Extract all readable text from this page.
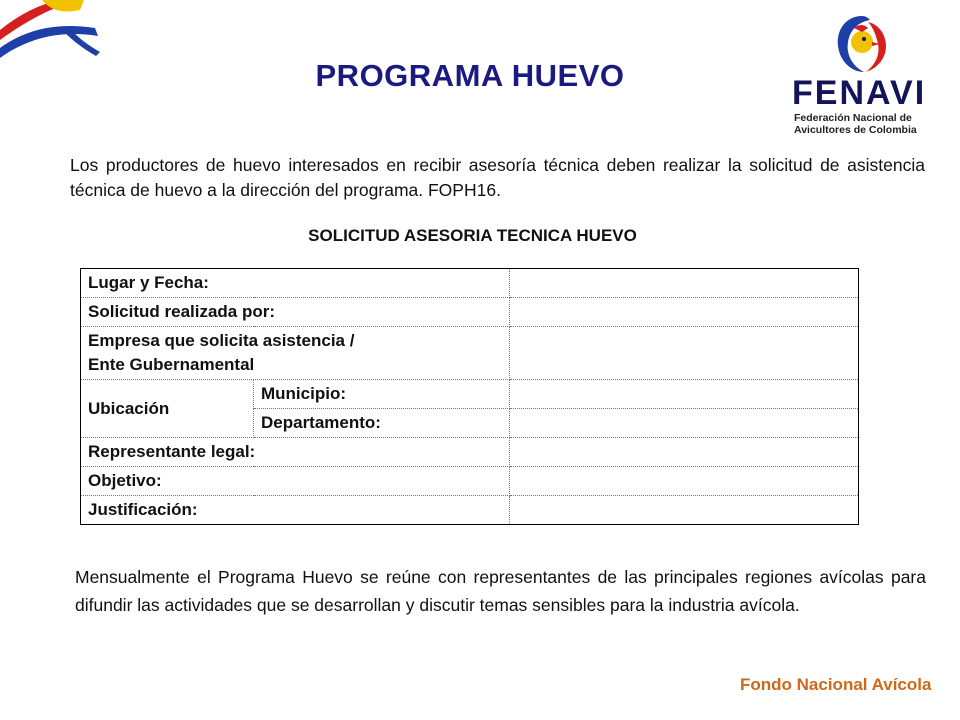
PROGRAMA HUEVO	FENAVI
Federación Nacional de
Avicultores de Colombia
Los productores de huevo interesados en recibir asesoría técnica deben realizar la solicitud de asistencia técnica de huevo a la dirección del programa. FOPH16.
SOLICITUD ASESORIA TECNICA HUEVO
Lugar y Fecha:		
Solicitud realizada por:		

Empresa que solicita asistencia /
Ente Gubernamental		

Ubicación	Municipio:	
	Departamento:	
Representante legal:		
Objetivo:		
Justificación:		
Mensualmente el Programa Huevo se reúne con representantes de las principales regiones avícolas para difundir las actividades que se desarrollan y discutir temas sensibles para la industria avícola.
Fondo Nacional Avícola
